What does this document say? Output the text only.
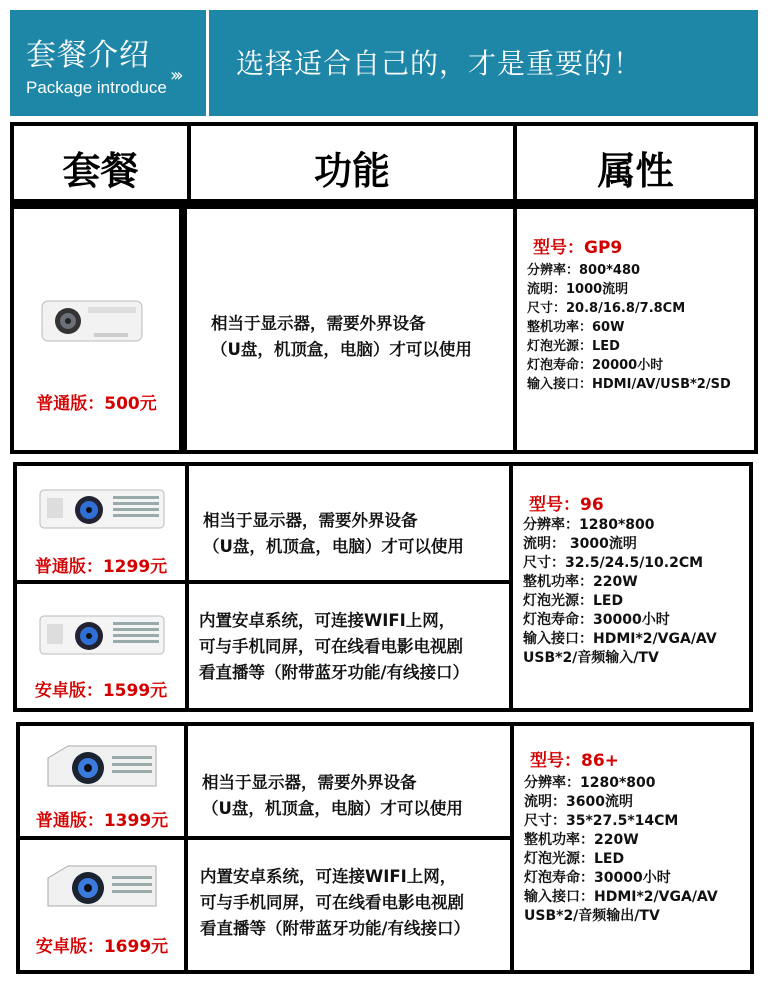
套餐介绍
Package introduce
››› 选择适合自己的，才是重要的！
套餐	功能	属性
普通版：500元
相当于显示器，需要外界设备
（U盘，机顶盒，电脑）才可以使用
型号：GP9
分辨率：800*480
流明：1000流明
尺寸：20.8/16.8/7.8CM
整机功率：60W
灯泡光源：LED
灯泡寿命：20000小时
输入接口：HDMI/AV/USB*2/SD
普通版：1299元
相当于显示器，需要外界设备
（U盘，机顶盒，电脑）才可以使用
安卓版：1599元
内置安卓系统，可连接WIFI上网，
可与手机同屏，可在线看电影电视剧
看直播等（附带蓝牙功能/有线接口）
型号：96
分辨率：1280*800
流明： 3000流明
尺寸：32.5/24.5/10.2CM
整机功率：220W
灯泡光源：LED
灯泡寿命：30000小时
输入接口：HDMI*2/VGA/AV
USB*2/音频输入/TV
普通版：1399元
相当于显示器，需要外界设备
（U盘，机顶盒，电脑）才可以使用
安卓版：1699元
内置安卓系统，可连接WIFI上网，
可与手机同屏，可在线看电影电视剧
看直播等（附带蓝牙功能/有线接口）
型号：86+
分辨率：1280*800
流明：3600流明
尺寸：35*27.5*14CM
整机功率：220W
灯泡光源：LED
灯泡寿命：30000小时
输入接口：HDMI*2/VGA/AV
USB*2/音频输出/TV
